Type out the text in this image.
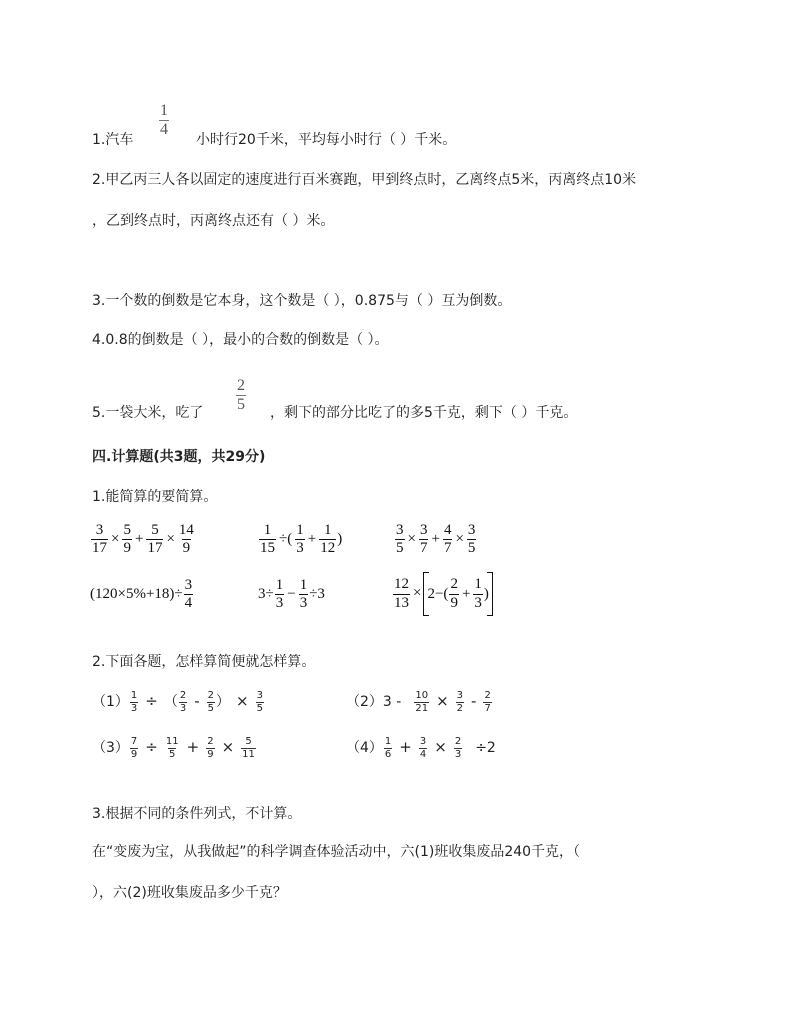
1.汽车
$\frac{1}{4}$
小时行20千米，平均每小时行（ ）千米。
2.甲乙丙三人各以固定的速度进行百米赛跑，甲到终点时，乙离终点5米，丙离终点10米
，乙到终点时，丙离终点还有（ ）米。
3.一个数的倒数是它本身，这个数是（ ），0.875与（ ）互为倒数。
4.0.8的倒数是（ ），最小的合数的倒数是（ ）。
5.一袋大米，吃了 $\frac{2}{5}$ ，剩下的部分比吃了的多5千克，剩下（ ）千克。
四.计算题(共3题，共29分)
1.能简算的要简算。
$\frac{3}{17} \times \frac{5}{9} + \frac{5}{17} \times \frac{14}{9}$	$\frac{1}{15}$ ÷( $\frac{1}{3} + \frac{1}{12}$ )	$\frac{3}{5} \times \frac{3}{7} + \frac{4}{7} \times \frac{3}{5}$
$(120\times 5\%+18)\div \frac{3}{4}$	$3\div \frac{1}{3} - \frac{1}{3} \div 3$	$\frac{12}{13} \times 2-( \frac{2}{9} + \frac{1}{3}$ )
2.下面各题，怎样算简便就怎样算。
$(1) \frac{1}{3}$ ÷ （ $\frac{2}{3} - \frac{2}{5}$ ） × $\frac{3}{5}$	$(2)3 - \frac{10}{21} \times \frac{3}{2} - \frac{2}{7}$
$(3) \frac{7}{9} \div \frac{11}{5} + \frac{2}{9} \times \frac{5}{11}$	$(4) \frac{1}{6} + \frac{3}{4} \times \frac{2}{3} \div 2$
3.根据不同的条件列式，不计算。
在“变废为宝，从我做起”的科学调查体验活动中，六(1)班收集废品240千克，（
），六(2)班收集废品多少千克？
